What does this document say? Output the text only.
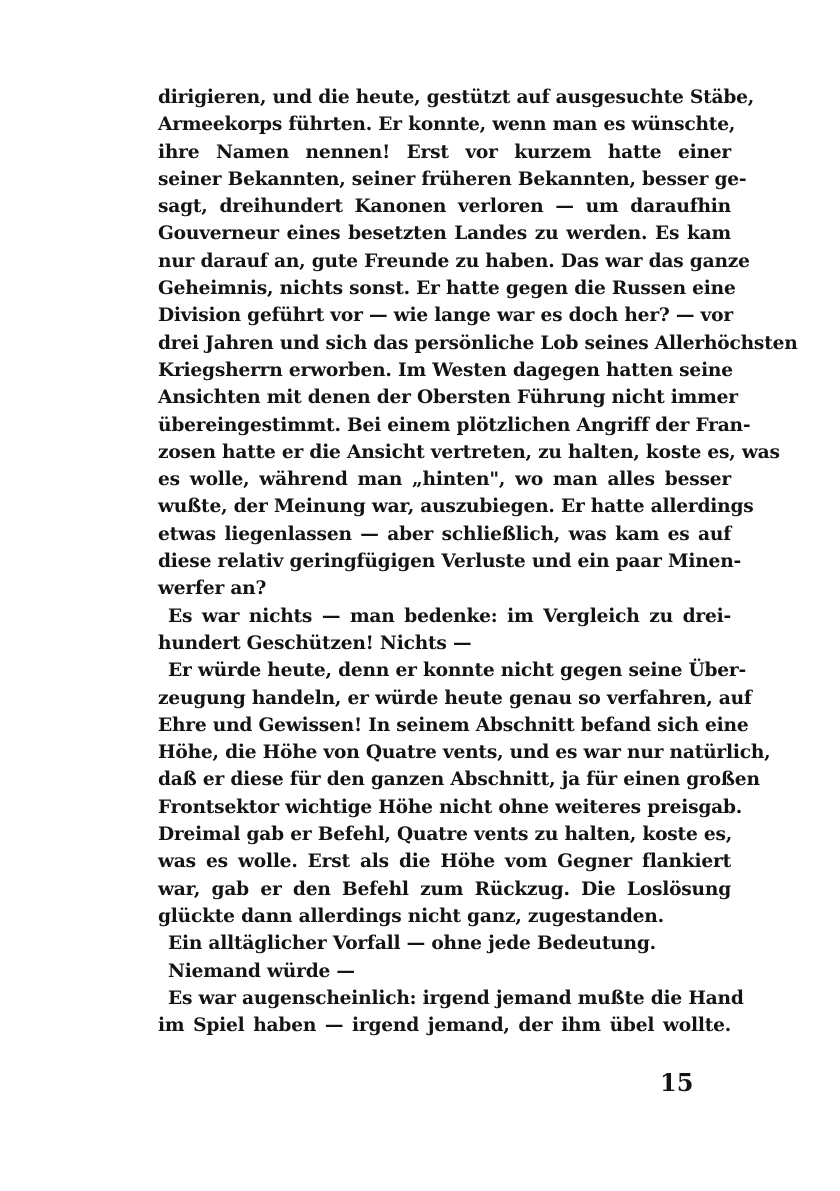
dirigieren, und die heute, gestützt auf ausgesuchte Stäbe,
Armeekorps führten. Er konnte, wenn man es wünschte,
ihre Namen nennen! Erst vor kurzem hatte einer
seiner Bekannten, seiner früheren Bekannten, besser ge-
sagt, dreihundert Kanonen verloren — um daraufhin
Gouverneur eines besetzten Landes zu werden. Es kam
nur darauf an, gute Freunde zu haben. Das war das ganze
Geheimnis, nichts sonst. Er hatte gegen die Russen eine
Division geführt vor — wie lange war es doch her? — vor
drei Jahren und sich das persönliche Lob seines Allerhöchsten
Kriegsherrn erworben. Im Westen dagegen hatten seine
Ansichten mit denen der Obersten Führung nicht immer
übereingestimmt. Bei einem plötzlichen Angriff der Fran-
zosen hatte er die Ansicht vertreten, zu halten, koste es, was
es wolle, während man „hinten", wo man alles besser
wußte, der Meinung war, auszubiegen. Er hatte allerdings
etwas liegenlassen — aber schließlich, was kam es auf
diese relativ geringfügigen Verluste und ein paar Minen-
werfer an?
Es war nichts — man bedenke: im Vergleich zu drei-
hundert Geschützen! Nichts —
Er würde heute, denn er konnte nicht gegen seine Über-
zeugung handeln, er würde heute genau so verfahren, auf
Ehre und Gewissen! In seinem Abschnitt befand sich eine
Höhe, die Höhe von Quatre vents, und es war nur natürlich,
daß er diese für den ganzen Abschnitt, ja für einen großen
Frontsektor wichtige Höhe nicht ohne weiteres preisgab.
Dreimal gab er Befehl, Quatre vents zu halten, koste es,
was es wolle. Erst als die Höhe vom Gegner flankiert
war, gab er den Befehl zum Rückzug. Die Loslösung
glückte dann allerdings nicht ganz, zugestanden.
Ein alltäglicher Vorfall — ohne jede Bedeutung.
Niemand würde —
Es war augenscheinlich: irgend jemand mußte die Hand
im Spiel haben — irgend jemand, der ihm übel wollte.
15
